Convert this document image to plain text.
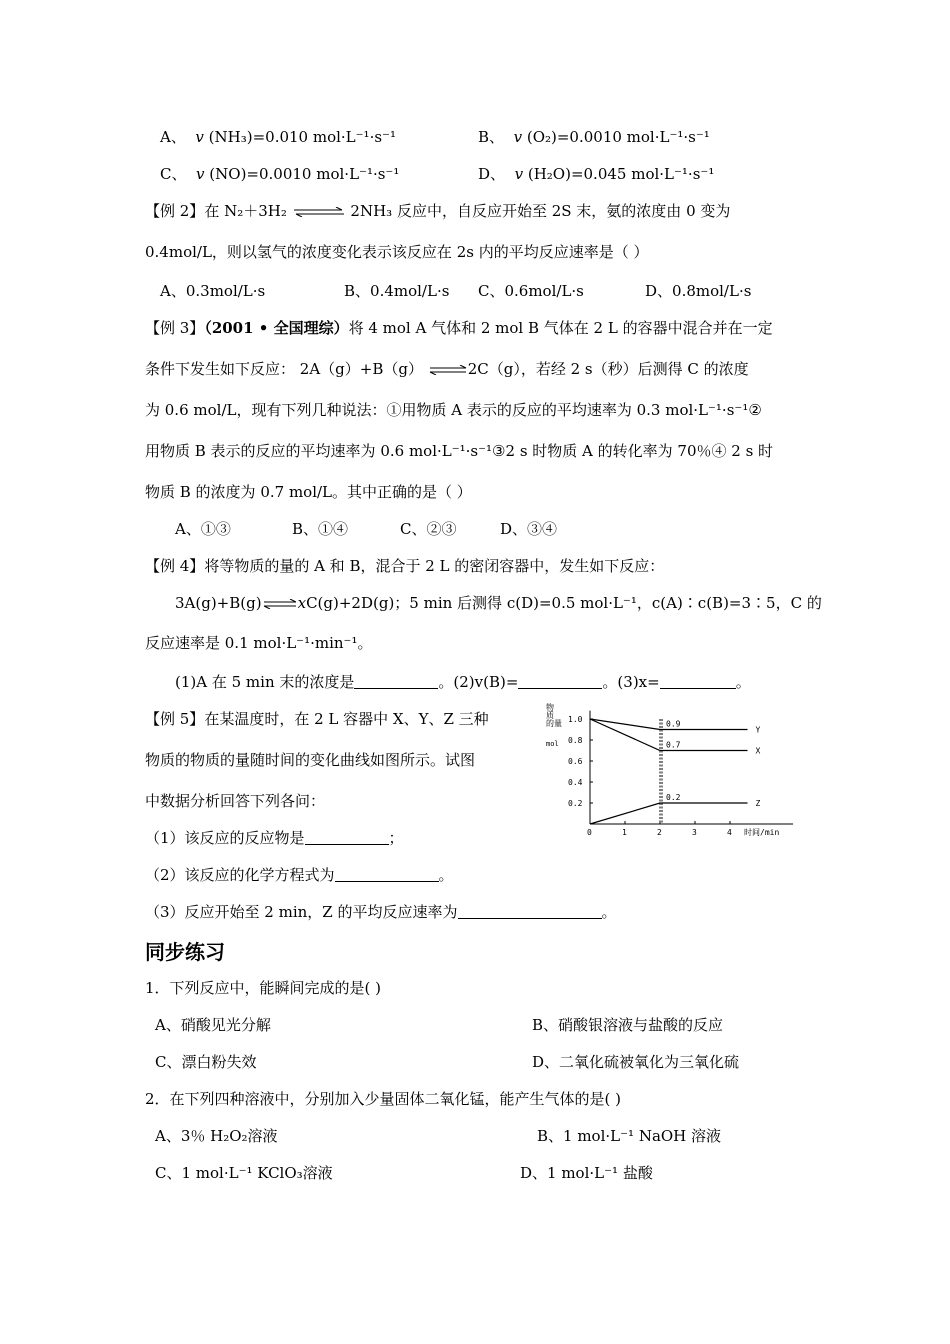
A、 v (NH₃)=0.010 mol·L⁻¹·s⁻¹	B、 v (O₂)=0.0010 mol·L⁻¹·s⁻¹
C、 v (NO)=0.0010 mol·L⁻¹·s⁻¹	D、 v (H₂O)=0.045 mol·L⁻¹·s⁻¹
【例 2】在 N₂＋3H₂ ⇌ 2NH₃ 反应中，自反应开始至 2S 末，氨的浓度由 0 变为
0.4mol/L，则以氢气的浓度变化表示该反应在 2s 内的平均反应速率是（ ）
A、0.3mol/L·s	B、0.4mol/L·s C、0.6mol/L·s	D、0.8mol/L·s
【例 3】（2001 • 全国理综）将 4 mol A 气体和 2 mol B 气体在 2 L 的容器中混合并在一定
条件下发生如下反应： 2A（g）+B（g） ⇌2C（g），若经 2 s（秒）后测得 C 的浓度
为 0.6 mol/L，现有下列几种说法：①用物质 A 表示的反应的平均速率为 0.3 mol·L⁻¹·s⁻¹②
用物质 B 表示的反应的平均速率为 0.6 mol·L⁻¹·s⁻¹③2 s 时物质 A 的转化率为 70％④ 2 s 时
物质 B 的浓度为 0.7 mol/L。其中正确的是（ ）
A、①③	B、①④	C、②③	D、③④
【例 4】将等物质的量的 A 和 B，混合于 2 L 的密闭容器中，发生如下反应：
3A(g)+B(g)⇌xC(g)+2D(g)；5 min 后测得 c(D)=0.5 mol·L⁻¹，c(A)∶c(B)=3∶5，C 的
反应速率是 0.1 mol·L⁻¹·min⁻¹。
(1)A 在 5 min 末的浓度是	。(2)v(B)=	。(3)x=	。
【例 5】在某温度时，在 2 L 容器中 X、Y、Z 三种
物质的物质的量随时间的变化曲线如图所示。试图
中数据分析回答下列各问：
（1）该反应的反应物是	；
（2）该反应的化学方程式为	。
（3）反应开始至 2 min，Z 的平均反应速率为	。
物
质
的量
mol
0.2
0.4
0.6
0.8
1.0
0	1	2	3	4 时间/min
Y
0.9
X
0.7
Z
0.2
同步练习
1．下列反应中，能瞬间完成的是( )
A、硝酸见光分解	B、硝酸银溶液与盐酸的反应
C、漂白粉失效	D、二氧化硫被氧化为三氧化硫
2．在下列四种溶液中，分别加入少量固体二氧化锰，能产生气体的是( )
A、3％ H₂O₂溶液	B、1 mol·L⁻¹ NaOH 溶液
C、1 mol·L⁻¹ KClO₃溶液	D、1 mol·L⁻¹ 盐酸
